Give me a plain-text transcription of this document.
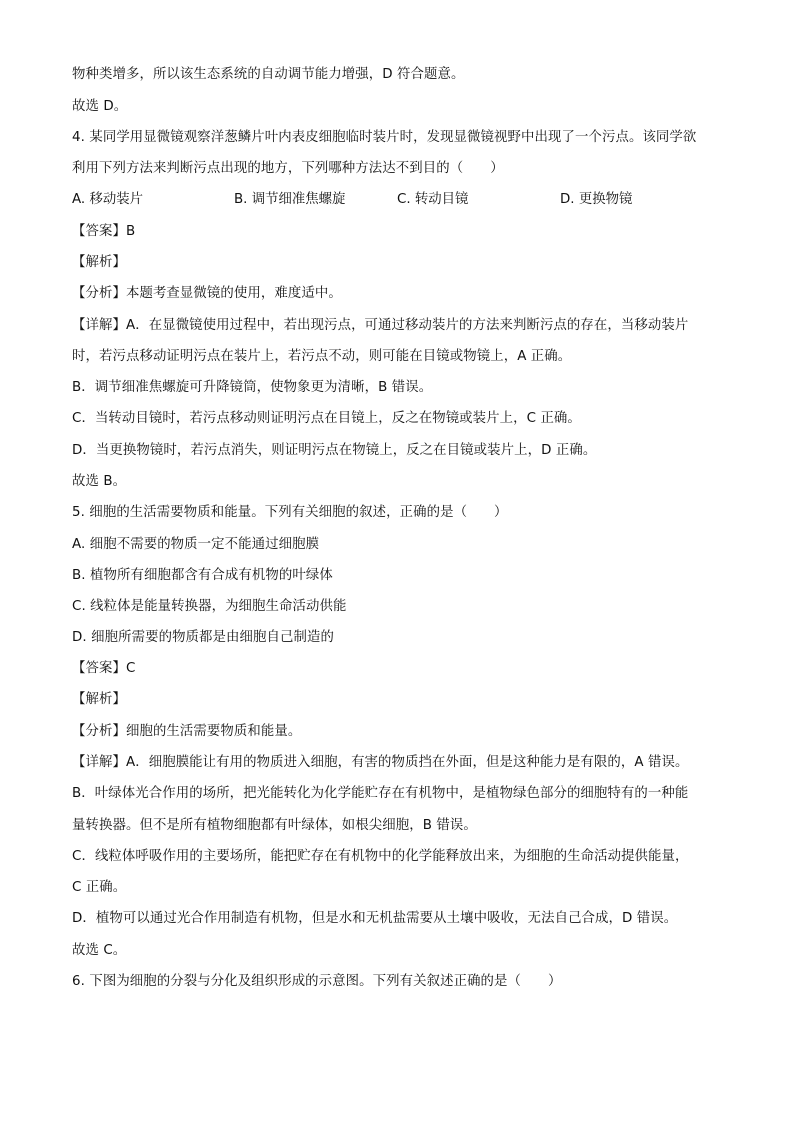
物种类增多，所以该生态系统的自动调节能力增强，D 符合题意。
故选 D。
4. 某同学用显微镜观察洋葱鳞片叶内表皮细胞临时装片时，发现显微镜视野中出现了一个污点。该同学欲
利用下列方法来判断污点出现的地方，下列哪种方法达不到目的（　　）
A. 移动装片	B. 调节细准焦螺旋	C. 转动目镜	D. 更换物镜
【答案】B
【解析】
【分析】本题考查显微镜的使用，难度适中。
【详解】A．在显微镜使用过程中，若出现污点，可通过移动装片的方法来判断污点的存在，当移动装片
时，若污点移动证明污点在装片上，若污点不动，则可能在目镜或物镜上，A 正确。
B．调节细准焦螺旋可升降镜筒，使物象更为清晰，B 错误。
C．当转动目镜时，若污点移动则证明污点在目镜上，反之在物镜或装片上，C 正确。
D．当更换物镜时，若污点消失，则证明污点在物镜上，反之在目镜或装片上，D 正确。
故选 B。
5. 细胞的生活需要物质和能量。下列有关细胞的叙述，正确的是（　　）
A. 细胞不需要的物质一定不能通过细胞膜
B. 植物所有细胞都含有合成有机物的叶绿体
C. 线粒体是能量转换器，为细胞生命活动供能
D. 细胞所需要的物质都是由细胞自己制造的
【答案】C
【解析】
【分析】细胞的生活需要物质和能量。
【详解】A．细胞膜能让有用的物质进入细胞，有害的物质挡在外面，但是这种能力是有限的，A 错误。
B．叶绿体光合作用的场所，把光能转化为化学能贮存在有机物中，是植物绿色部分的细胞特有的一种能
量转换器。但不是所有植物细胞都有叶绿体，如根尖细胞，B 错误。
C．线粒体呼吸作用的主要场所，能把贮存在有机物中的化学能释放出来，为细胞的生命活动提供能量，
C 正确。
D．植物可以通过光合作用制造有机物，但是水和无机盐需要从土壤中吸收，无法自己合成，D 错误。
故选 C。
6. 下图为细胞的分裂与分化及组织形成的示意图。下列有关叙述正确的是（　　）
